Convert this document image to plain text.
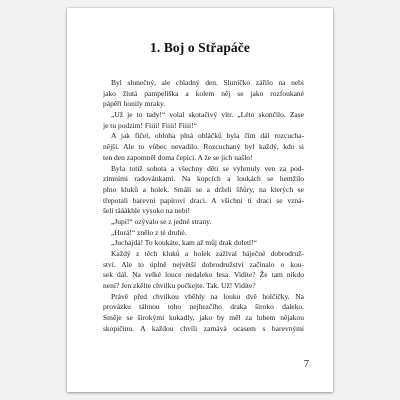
1. Boj o Střapáče
Byl slunečný, ale chladný den. Sluníčko zářilo na nebi
jako žlutá pampeliška a kolem něj se jako rozfoukané
pápěří honily mraky.
„Už je to tady!“ volal skotačivý vítr. „Léto skončilo. Zase
je tu podzim! Fiiii! Fiiii! Fiiii!“
A jak fičel, obloha plná obláčků byla čím dál rozcucha-
nější. Ale to vůbec nevadilo. Rozcuchaný byl každý, kdo si
ten den zapomněl doma čepici. A že se jich našlo!
Byla totiž sobota a všechny děti se vyhrnuly ven za pod-
zimními radovánkami. Na kopcích a loukách se hemžilo
plno kluků a holek. Smáli se a drželi šňůry, na kterých se
třepotali barevní papíroví draci. A všichni ti draci se vzná-
šeli tááákhle vysoko na nebi!
„Jupí!“ ozývalo se z jedné strany.
„Hurá!“ znělo z té druhé.
„Juchajdá! To koukáte, kam až můj drak doletí!“
Každý z těch kluků a holek zažíval báječné dobrodruž-
ství. Ale to úplně největší dobrodružství začínalo o kou-
sek dál. Na velké louce nedaleko lesa. Vidíte? Že tam nikdo
není? Jen zkělte chvilku počkejte. Tak. Už! Vidíte?
Právě před chvilkou vběhly na louku dvě holčičky. Na
provázku táhnou toho nejhezčího draka široko daleko.
Směje se širokými kukadly, jako by měl za lubem nějakou
skopičinu. A každou chvíli zamává ocasem s barevnými
7
